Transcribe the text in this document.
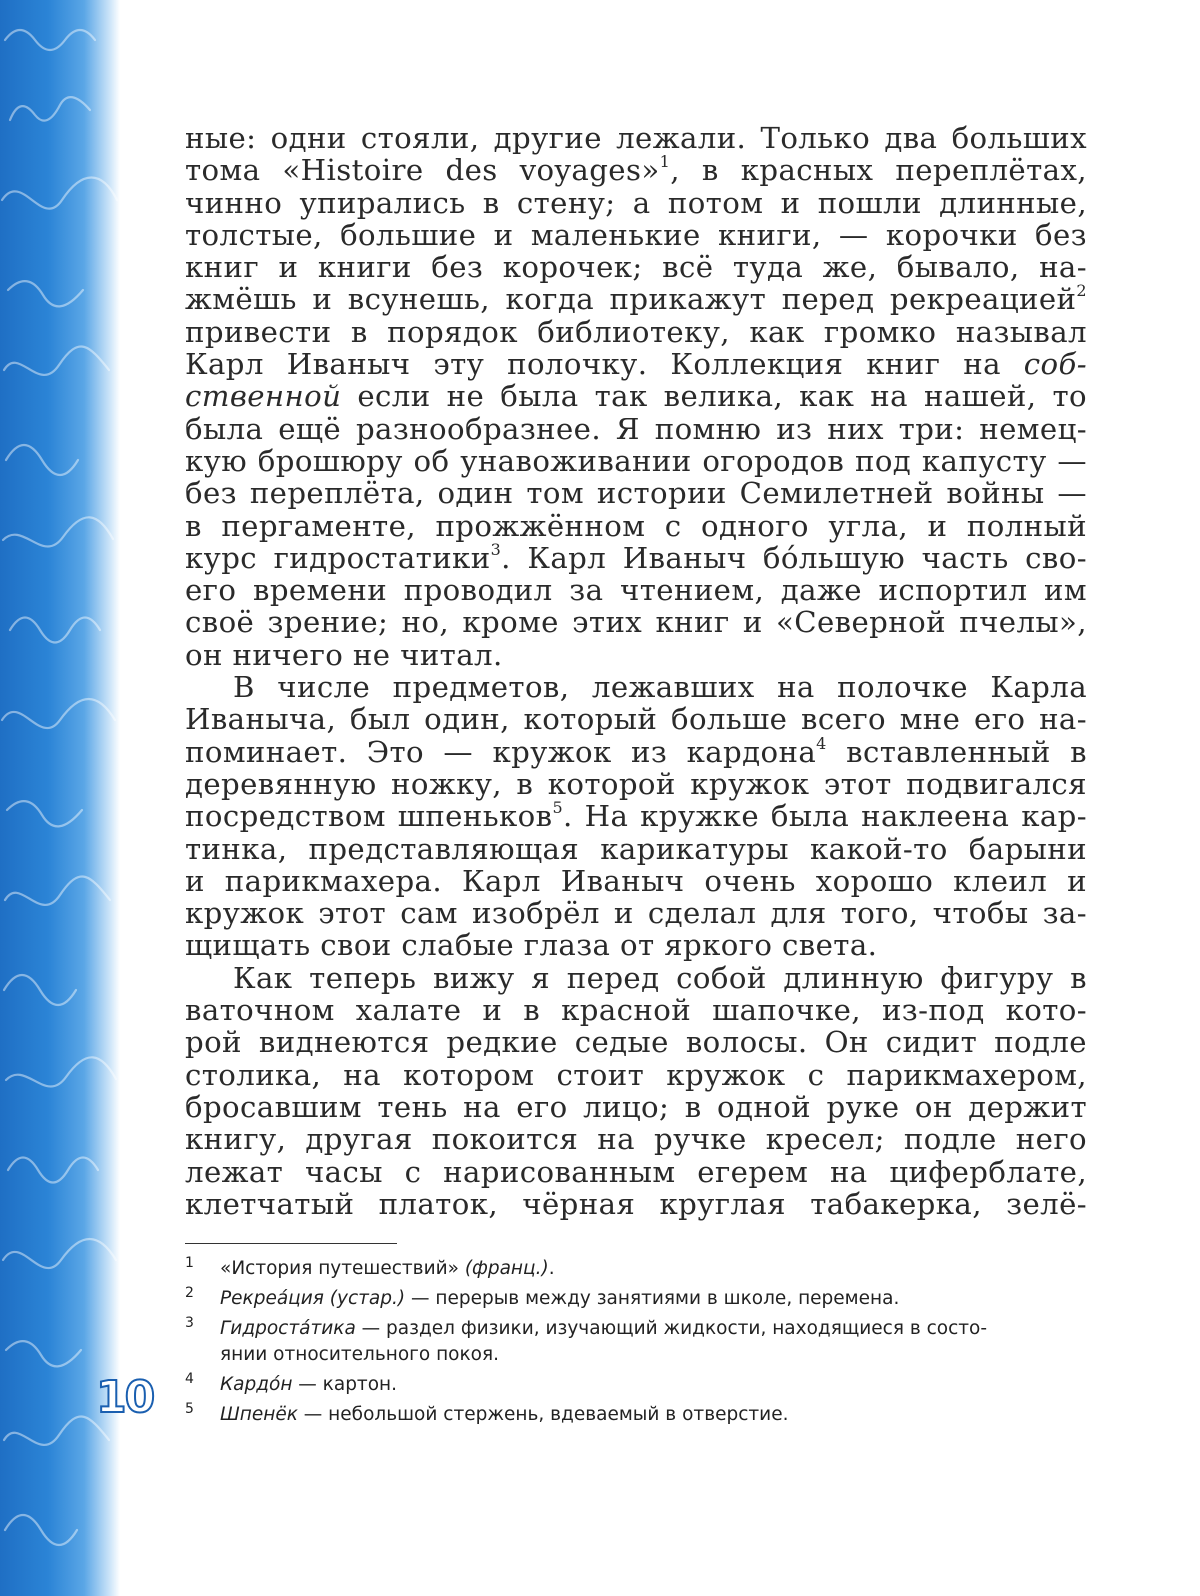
10
ные: одни стояли, другие лежали. Только два больших
тома «Histoire des voyages»$^1$, в красных переплётах,
чинно упирались в стену; а потом и пошли длинные,
толстые, большие и маленькие книги, — корочки без
книг и книги без корочек; всё туда же, бывало, на-
жмёшь и всунешь, когда прикажут перед рекреацией$^2$
привести в порядок библиотеку, как громко называл
Карл Иваныч эту полочку. Коллекция книг на соб-
ственной если не была так велика, как на нашей, то
была ещё разнообразнее. Я помню из них три: немец-
кую брошюру об унавоживании огородов под капусту —
без переплёта, один том истории Семилетней войны —
в пергаменте, прожжённом с одного угла, и полный
курс гидростатики$^3$. Карл Иваныч бóльшую часть сво-
его времени проводил за чтением, даже испортил им
своё зрение; но, кроме этих книг и «Северной пчелы»,
он ничего не читал.
В числе предметов, лежавших на полочке Карла
Иваныча, был один, который больше всего мне его на-
поминает. Это — кружок из кардона$^4$ вставленный в
деревянную ножку, в которой кружок этот подвигался
посредством шпеньков$^5$. На кружке была наклеена кар-
тинка, представляющая карикатуры какой-то барыни
и парикмахера. Карл Иваныч очень хорошо клеил и
кружок этот сам изобрёл и сделал для того, чтобы за-
щищать свои слабые глаза от яркого света.
Как теперь вижу я перед собой длинную фигуру в
ваточном халате и в красной шапочке, из-под кото-
рой виднеются редкие седые волосы. Он сидит подле
столика, на котором стоит кружок с парикмахером,
бросавшим тень на его лицо; в одной руке он держит
книгу, другая покоится на ручке кресел; подле него
лежат часы с нарисованным егерем на циферблате,
клетчатый платок, чёрная круглая табакерка, зелё-
1 «История путешествий» (франц.).
2 Рекреáция (устар.) — перерыв между занятиями в школе, перемена.
3 Гидростáтика — раздел физики, изучающий жидкости, находящиеся в состо-
янии относительного покоя.
4 Кардóн — картон.
5 Шпенёк — небольшой стержень, вдеваемый в отверстие.
